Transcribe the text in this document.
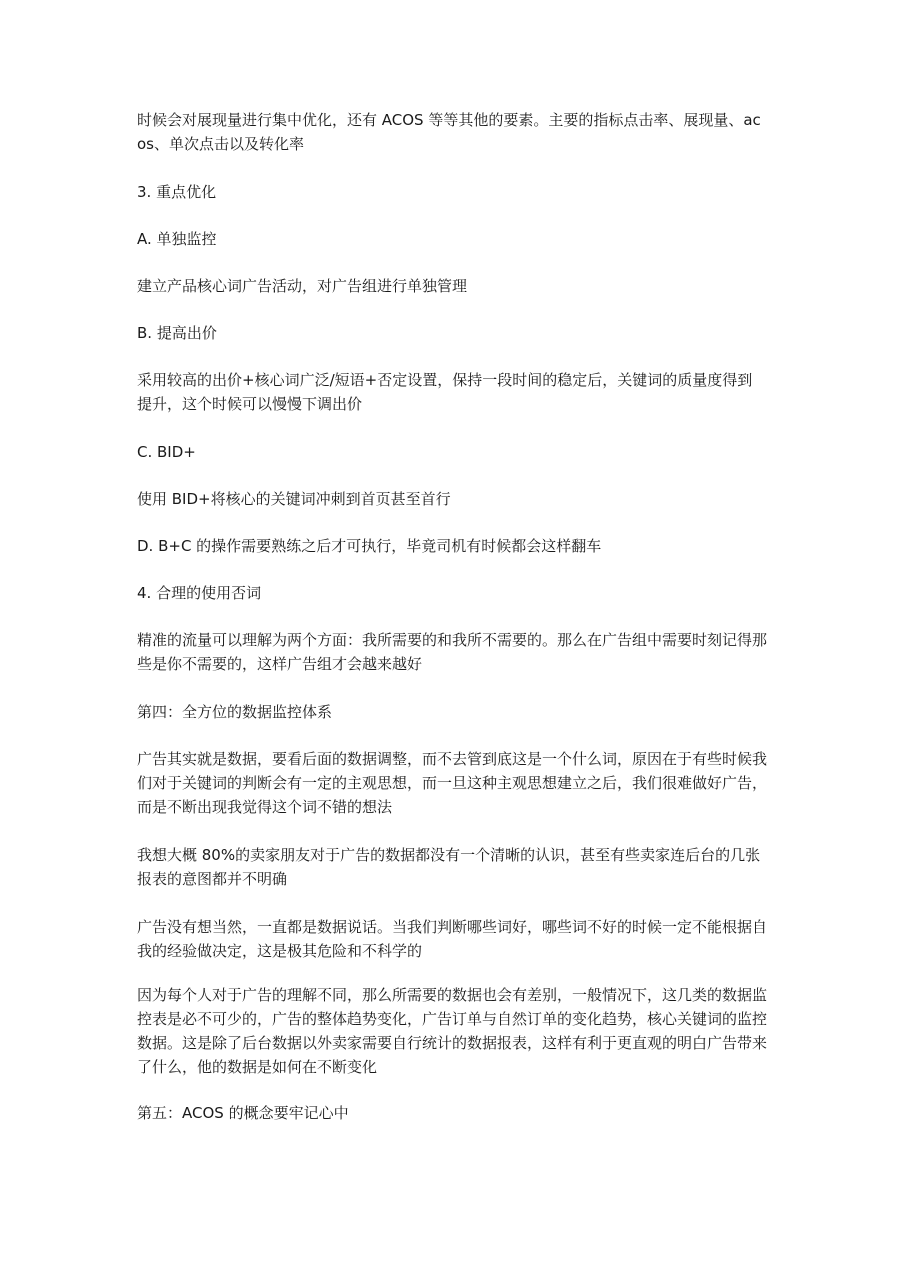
时候会对展现量进行集中优化，还有 ACOS 等等其他的要素。主要的指标点击率、展现量、acos、单次点击以及转化率

3. 重点优化

A. 单独监控

建立产品核心词广告活动，对广告组进行单独管理

B. 提高出价

采用较高的出价+核心词广泛/短语+否定设置，保持一段时间的稳定后，关键词的质量度得到提升，这个时候可以慢慢下调出价

C. BID+

使用 BID+将核心的关键词冲刺到首页甚至首行

D. B+C 的操作需要熟练之后才可执行，毕竟司机有时候都会这样翻车

4. 合理的使用否词

精准的流量可以理解为两个方面：我所需要的和我所不需要的。那么在广告组中需要时刻记得那些是你不需要的，这样广告组才会越来越好

第四：全方位的数据监控体系

广告其实就是数据，要看后面的数据调整，而不去管到底这是一个什么词，原因在于有些时候我们对于关键词的判断会有一定的主观思想，而一旦这种主观思想建立之后，我们很难做好广告，而是不断出现我觉得这个词不错的想法

我想大概 80%的卖家朋友对于广告的数据都没有一个清晰的认识，甚至有些卖家连后台的几张报表的意图都并不明确

广告没有想当然，一直都是数据说话。当我们判断哪些词好，哪些词不好的时候一定不能根据自我的经验做决定，这是极其危险和不科学的

因为每个人对于广告的理解不同，那么所需要的数据也会有差别，一般情况下，这几类的数据监控表是必不可少的，广告的整体趋势变化，广告订单与自然订单的变化趋势，核心关键词的监控数据。这是除了后台数据以外卖家需要自行统计的数据报表，这样有利于更直观的明白广告带来了什么，他的数据是如何在不断变化

第五：ACOS 的概念要牢记心中
